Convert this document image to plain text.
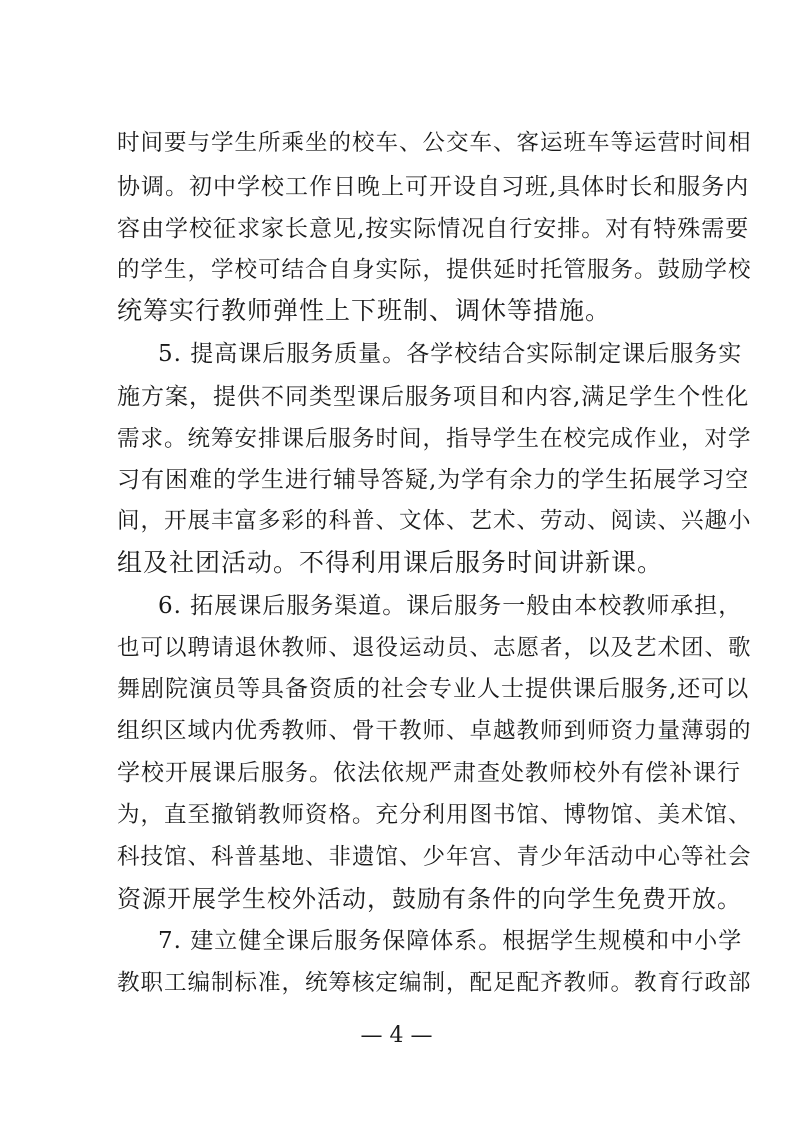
时间要与学生所乘坐的校车、公交车、客运班车等运营时间相
协调。初中学校工作日晚上可开设自习班,具体时长和服务内
容由学校征求家长意见,按实际情况自行安排。对有特殊需要
的学生，学校可结合自身实际，提供延时托管服务。鼓励学校
统筹实行教师弹性上下班制、调休等措施。
5. 提高课后服务质量。各学校结合实际制定课后服务实
施方案，提供不同类型课后服务项目和内容,满足学生个性化
需求。统筹安排课后服务时间，指导学生在校完成作业，对学
习有困难的学生进行辅导答疑,为学有余力的学生拓展学习空
间，开展丰富多彩的科普、文体、艺术、劳动、阅读、兴趣小
组及社团活动。不得利用课后服务时间讲新课。
6. 拓展课后服务渠道。课后服务一般由本校教师承担，
也可以聘请退休教师、退役运动员、志愿者，以及艺术团、歌
舞剧院演员等具备资质的社会专业人士提供课后服务,还可以
组织区域内优秀教师、骨干教师、卓越教师到师资力量薄弱的
学校开展课后服务。依法依规严肃查处教师校外有偿补课行
为，直至撤销教师资格。充分利用图书馆、博物馆、美术馆、
科技馆、科普基地、非遗馆、少年宫、青少年活动中心等社会
资源开展学生校外活动，鼓励有条件的向学生免费开放。
7. 建立健全课后服务保障体系。根据学生规模和中小学
教职工编制标准，统筹核定编制，配足配齐教师。教育行政部
— 4 —
